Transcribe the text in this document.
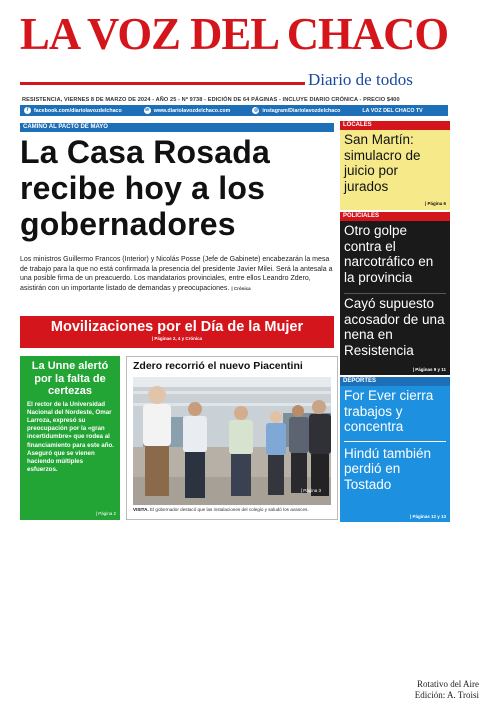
LA VOZ DEL CHACO
Diario de todos
RESISTENCIA, VIERNES 8 DE MARZO DE 2024 - AÑO 25 - Nº 9738 - EDICIÓN DE 64 PÁGINAS - INCLUYE DIARIO CRÓNICA - PRECIO $400
f	facebook.com/diariolavozdelchaco	w www.diariolavozdelchaco.com	◎ instagram/Diariolavozdelchaco	LA VOZ DEL CHACO TV
CAMINO AL PACTO DE MAYO
La Casa Rosada recibe hoy a los gobernadores
Los ministros Guillermo Francos (Interior) y Nicolás Posse (Jefe de Gabinete) encabezarán la mesa de trabajo para la que no está confirmada la presencia del presidente Javier Milei. Será la antesala a una posible firma de un preacuerdo. Los mandatarios provinciales, entre ellos Leandro Zdero, asistirán con un importante listado de demandas y preocupaciones. | Crónica
Movilizaciones por el Día de la Mujer
| Páginas 2, 4 y Crónica
La Unne alertó por la falta de certezas
El rector de la Universidad Nacional del Nordeste, Omar Larroza, expresó su preocupación por la «gran incertidumbre» que rodea al financiamiento para este año. Aseguró que se vienen haciendo múltiples esfuerzos.
| Página 2
Zdero recorrió el nuevo Piacentini
| Página 3
VISITA. El gobernador destacó que las instalaciones del colegio y saludó los avances.
LOCALES
San Martín: simulacro de juicio por jurados
| Página 6
POLICIALES
Otro golpe contra el narcotráfico en la provincia
Cayó supuesto acosador de una nena en Resistencia
| Páginas 9 y 11
DEPORTES
For Ever cierra trabajos y concentra
Hindú también perdió en Tostado
| Páginas 12 y 13
Rotativo del Aire
Edición: A. Troisi
